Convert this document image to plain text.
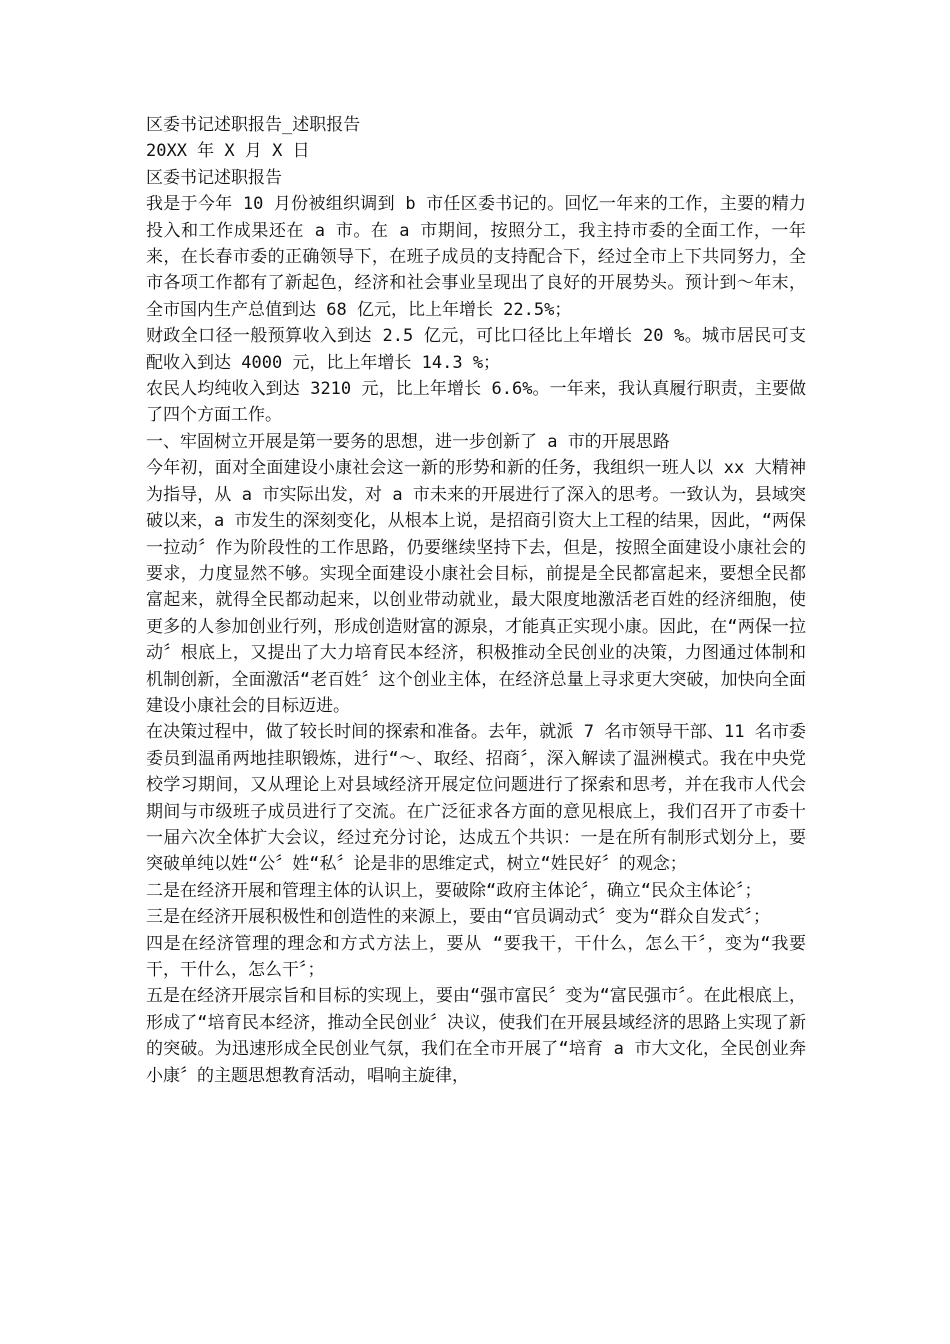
区委书记述职报告_述职报告

20XX 年 X 月 X 日

区委书记述职报告

我是于今年 10 月份被组织调到 b 市任区委书记的。回忆一年来的工作，主要的精力投入和工作成果还在 a 市。在 a 市期间，按照分工，我主持市委的全面工作，一年来，在长春市委的正确领导下，在班子成员的支持配合下，经过全市上下共同努力，全市各项工作都有了新起色，经济和社会事业呈现出了良好的开展势头。预计到～年末，全市国内生产总值到达 68 亿元，比上年增长 22.5%；

财政全口径一般预算收入到达 2.5 亿元，可比口径比上年增长 20 %。城市居民可支配收入到达 4000 元，比上年增长 14.3 %；

农民人均纯收入到达 3210 元，比上年增长 6.6%。一年来，我认真履行职责，主要做了四个方面工作。

一、牢固树立开展是第一要务的思想，进一步创新了 a 市的开展思路

今年初，面对全面建设小康社会这一新的形势和新的任务，我组织一班人以 xx 大精神为指导，从 a 市实际出发，对 a 市未来的开展进行了深入的思考。一致认为，县域突破以来，a 市发生的深刻变化，从根本上说，是招商引资大上工程的结果，因此，“两保一拉动〞作为阶段性的工作思路，仍要继续坚持下去，但是，按照全面建设小康社会的要求，力度显然不够。实现全面建设小康社会目标，前提是全民都富起来，要想全民都富起来，就得全民都动起来，以创业带动就业，最大限度地激活老百姓的经济细胞，使更多的人参加创业行列，形成创造财富的源泉，才能真正实现小康。因此，在“两保一拉动〞根底上，又提出了大力培育民本经济，积极推动全民创业的决策，力图通过体制和机制创新，全面激活“老百姓〞这个创业主体，在经济总量上寻求更大突破，加快向全面建设小康社会的目标迈进。

在决策过程中，做了较长时间的探索和准备。去年，就派 7 名市领导干部、11 名市委委员到温甬两地挂职锻炼，进行“～、取经、招商〞，深入解读了温洲模式。我在中央党校学习期间，又从理论上对县域经济开展定位问题进行了探索和思考，并在我市人代会期间与市级班子成员进行了交流。在广泛征求各方面的意见根底上，我们召开了市委十一届六次全体扩大会议，经过充分讨论，达成五个共识：一是在所有制形式划分上，要突破单纯以姓“公〞姓“私〞论是非的思维定式，树立“姓民好〞的观念；

二是在经济开展和管理主体的认识上，要破除“政府主体论〞，确立“民众主体论〞；

三是在经济开展积极性和创造性的来源上，要由“官员调动式〞变为“群众自发式〞；

四是在经济管理的理念和方式方法上，要从 “要我干，干什么，怎么干〞，变为“我要干，干什么，怎么干〞；

五是在经济开展宗旨和目标的实现上，要由“强市富民〞变为“富民强市〞。在此根底上，形成了“培育民本经济，推动全民创业〞决议，使我们在开展县域经济的思路上实现了新的突破。为迅速形成全民创业气氛，我们在全市开展了“培育 a 市大文化，全民创业奔小康〞的主题思想教育活动，唱响主旋律，
